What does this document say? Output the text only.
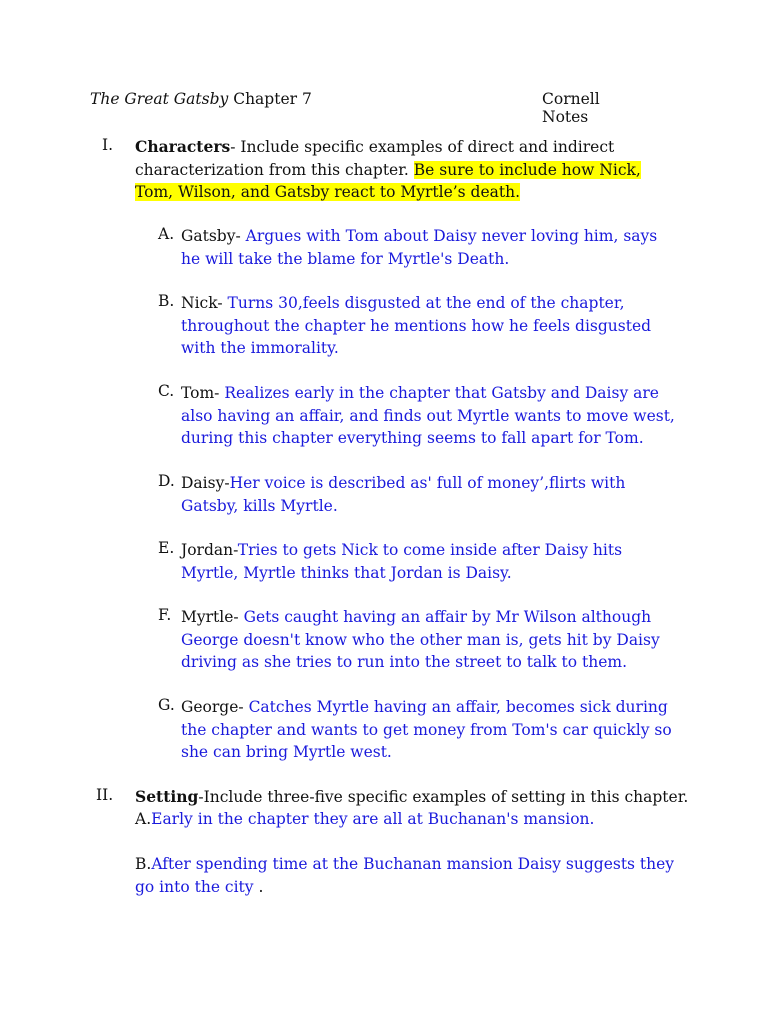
The Great Gatsby Chapter 7	Cornell Notes
I.	Characters- Include specific examples of direct and indirect characterization from this chapter. Be sure to include how Nick, Tom, Wilson, and Gatsby react to Myrtle’s death.
A. Gatsby- Argues with Tom about Daisy never loving him, says he will take the blame for Myrtle's Death.
B. Nick- Turns 30,feels disgusted at the end of the chapter, throughout the chapter he mentions how he feels disgusted with the immorality.
C. Tom- Realizes early in the chapter that Gatsby and Daisy are also having an affair, and finds out Myrtle wants to move west, during this chapter everything seems to fall apart for Tom.
D. Daisy-Her voice is described as' full of money’,flirts with Gatsby, kills Myrtle.
E. Jordan-Tries to gets Nick to come inside after Daisy hits Myrtle, Myrtle thinks that Jordan is Daisy.
F. Myrtle- Gets caught having an affair by Mr Wilson although George doesn't know who the other man is, gets hit by Daisy driving as she tries to run into the street to talk to them.
G. George- Catches Myrtle having an affair, becomes sick during the chapter and wants to get money from Tom's car quickly so she can bring Myrtle west.
II.	Setting-Include three-five specific examples of setting in this chapter.
A.Early in the chapter they are all at Buchanan's mansion.
B.After spending time at the Buchanan mansion Daisy suggests they go into the city .
